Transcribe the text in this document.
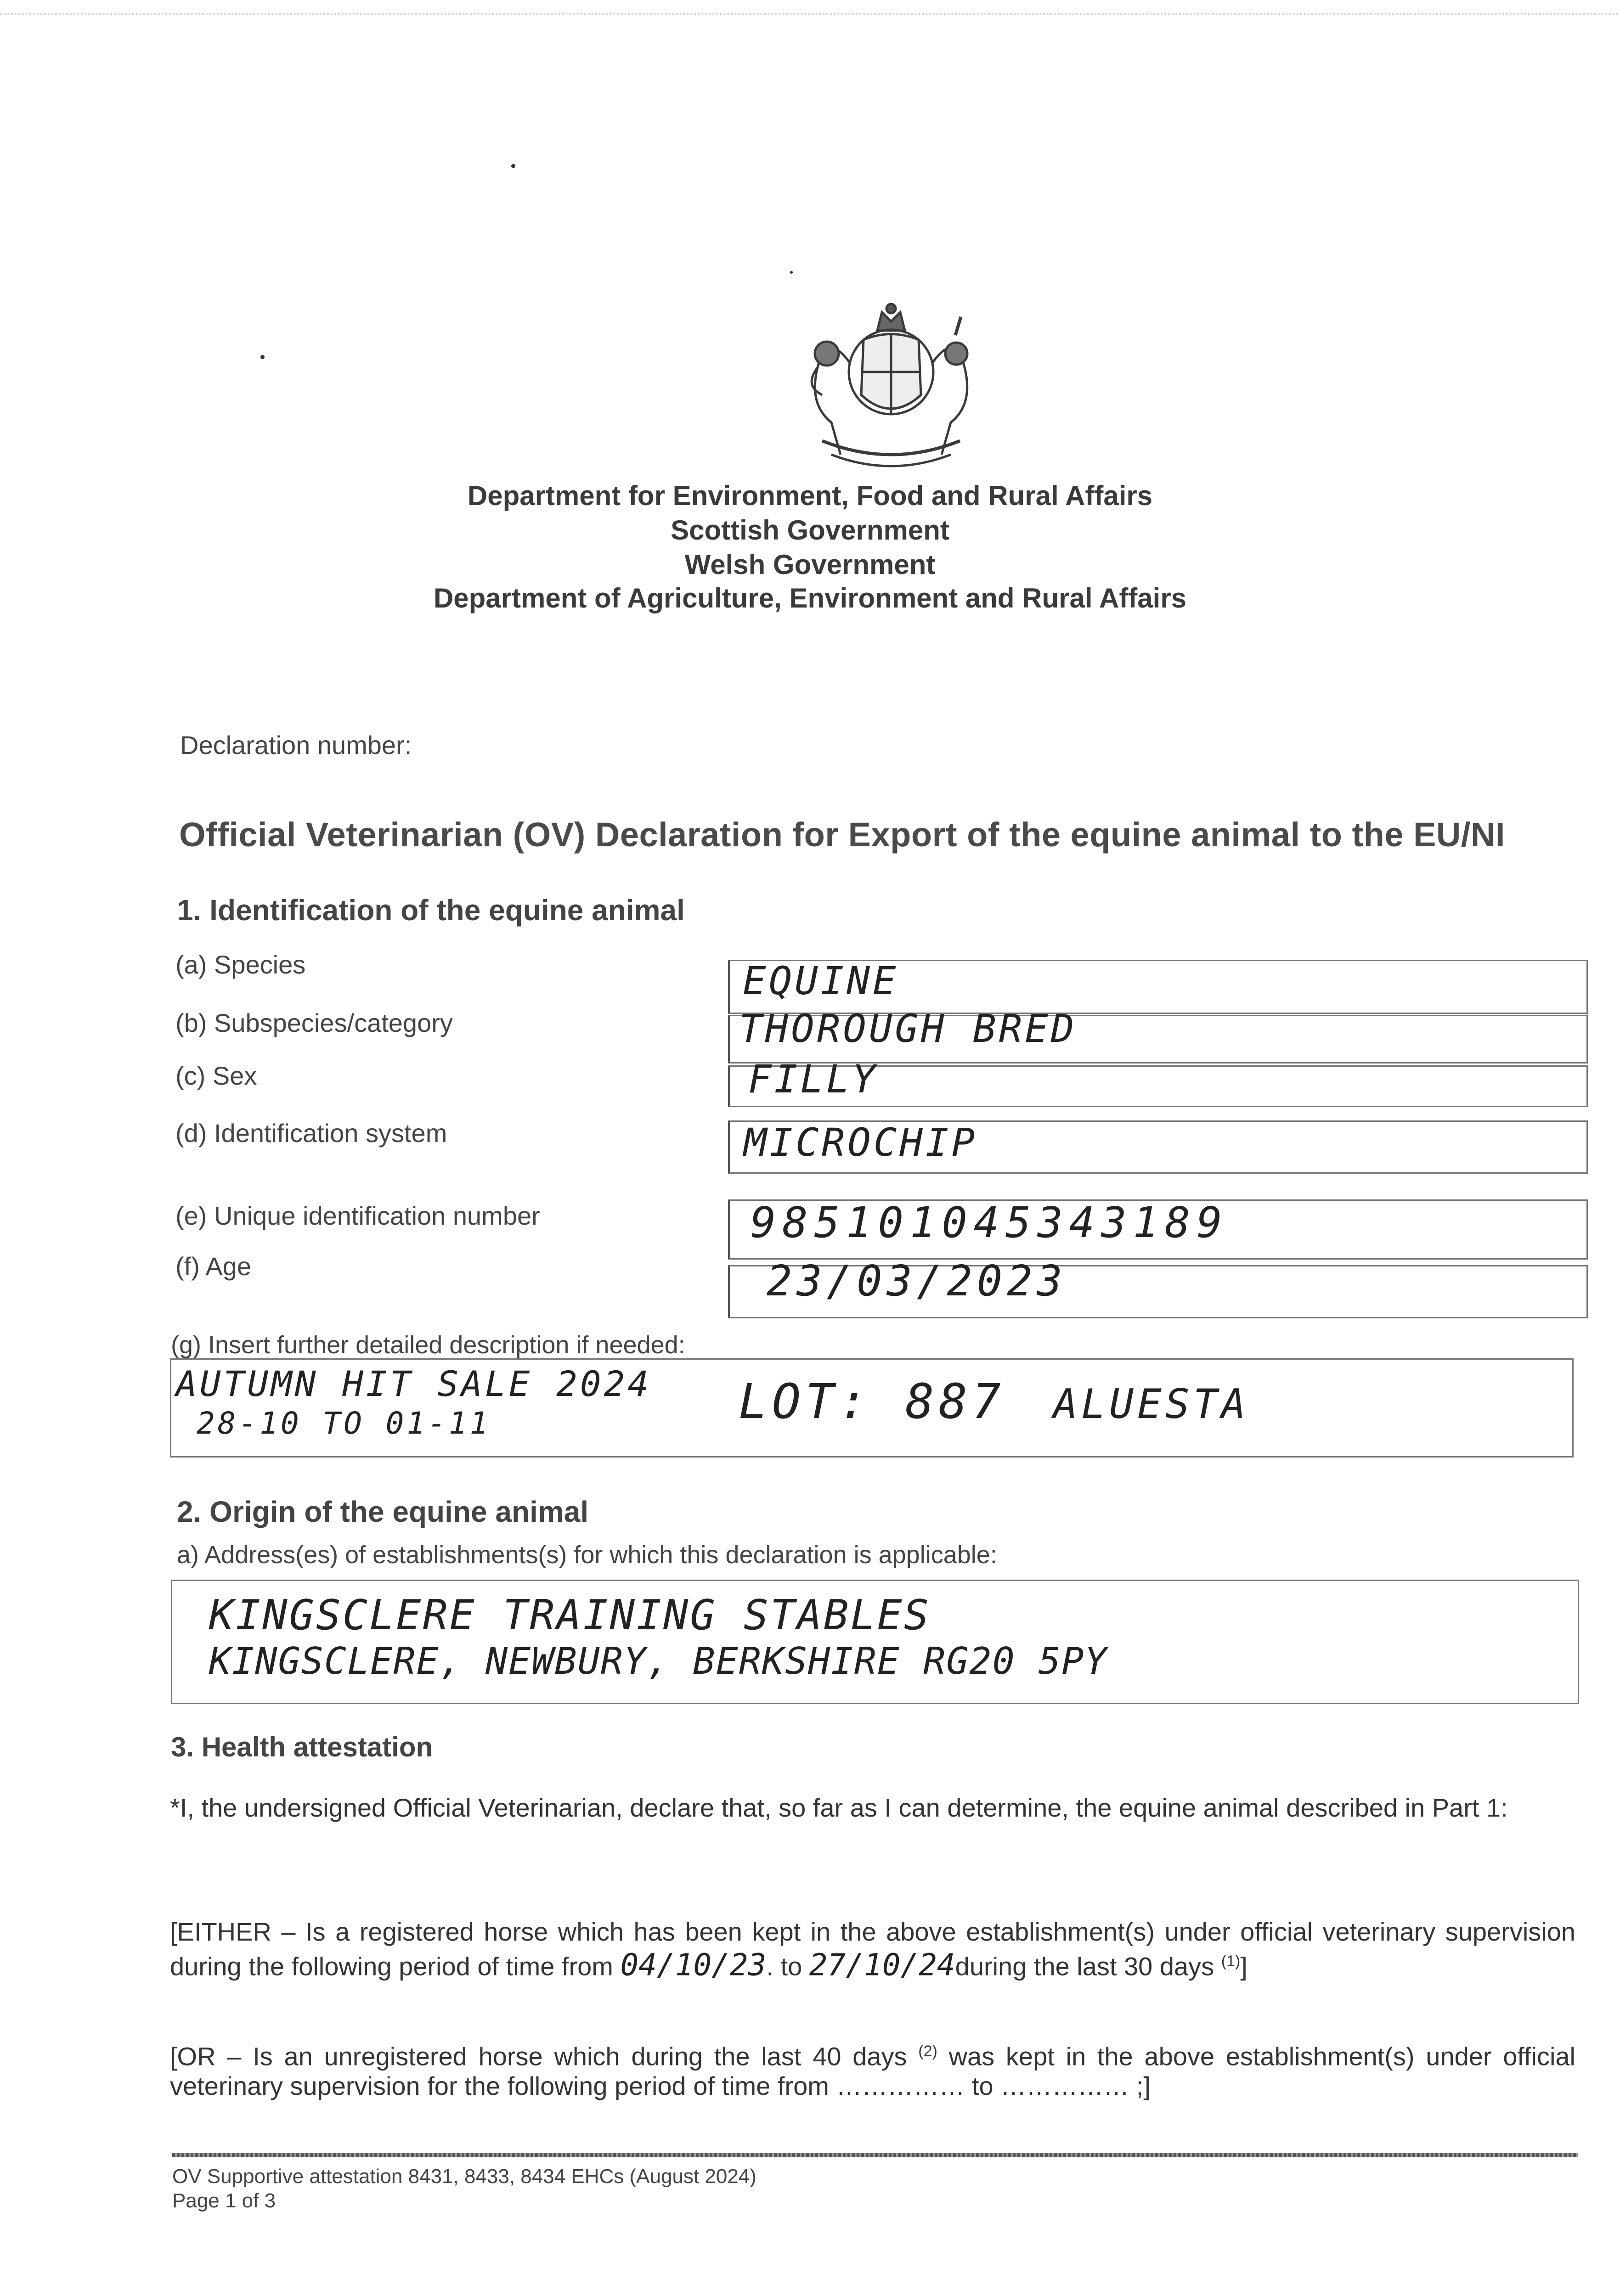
Department for Environment, Food and Rural Affairs
Scottish Government
Welsh Government
Department of Agriculture, Environment and Rural Affairs
Declaration number:
Official Veterinarian (OV) Declaration for Export of the equine animal to the EU/NI
1. Identification of the equine animal
(a) Species	EQUINE
(b) Subspecies/category	THOROUGH BRED
(c) Sex	FILLY
(d) Identification system	MICROCHIP
(e) Unique identification number	985101045343189
(f) Age	23/03/2023
(g) Insert further detailed description if needed:
AUTUMN HIT SALE 2024
28-10 TO 01-11	LOT: 887 ALUESTA
2. Origin of the equine animal
a) Address(es) of establishments(s) for which this declaration is applicable:
KINGSCLERE TRAINING STABLES
KINGSCLERE, NEWBURY, BERKSHIRE RG20 5PY
3. Health attestation
*I, the undersigned Official Veterinarian, declare that, so far as I can determine, the equine animal described in Part 1:
[EITHER – Is a registered horse which has been kept in the above establishment(s) under official veterinary supervision during the following period of time from 04/10/23. to 27/10/24during the last 30 days $^{(1)}$]
[OR – Is an unregistered horse which during the last 40 days $^{(2)}$ was kept in the above establishment(s) under official veterinary supervision for the following period of time from …………… to …………… ;]
OV Supportive attestation 8431, 8433, 8434 EHCs (August 2024)
Page 1 of 3
